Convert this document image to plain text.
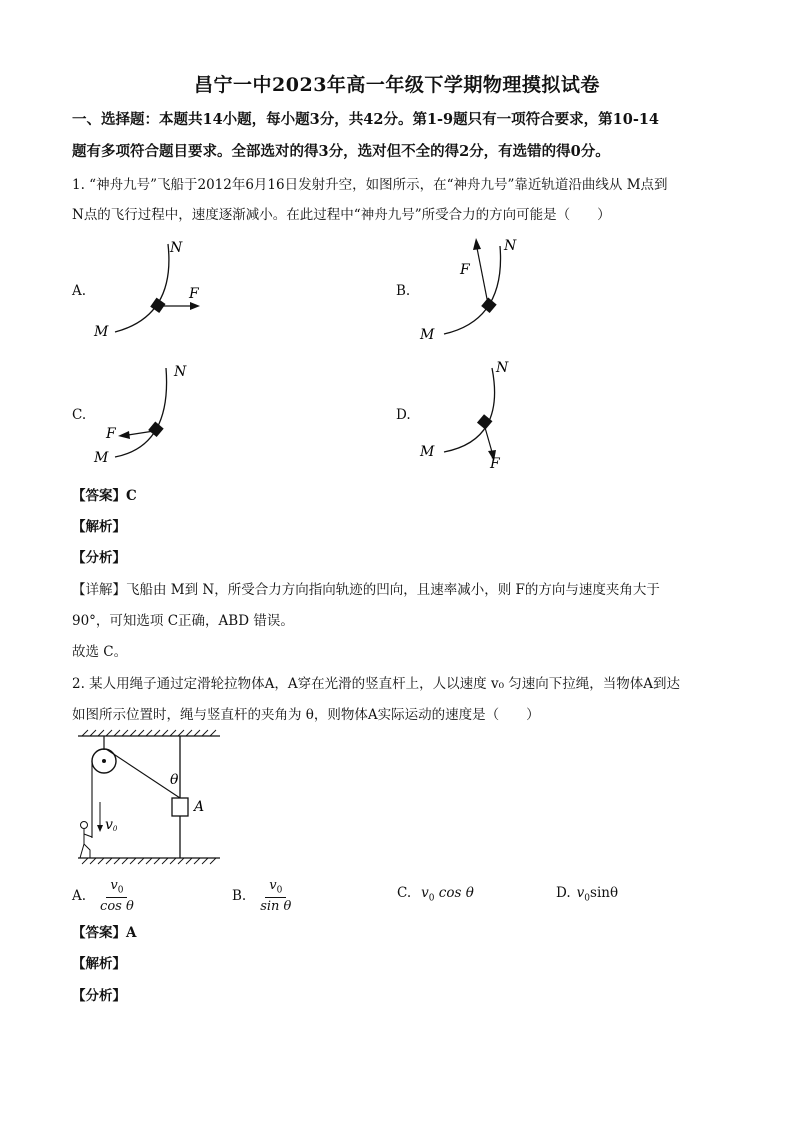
昌宁一中2023年高一年级下学期物理摸拟试卷
一、选择题：本题共14小题，每小题3分，共42分。第1-9题只有一项符合要求，第10-14
题有多项符合题目要求。全部选对的得3分，选对但不全的得2分，有选错的得0分。
1. “神舟九号”飞船于2012年6月16日发射升空，如图所示，在“神舟九号”靠近轨道沿曲线从 M点到
N点的飞行过程中，速度逐渐减小。在此过程中“神舟九号”所受合力的方向可能是（　　）
A.
N
M
F	B.
N
M
F
C.
N
M
F
D.
N
M
F
【答案】C
【解析】
【分析】
【详解】飞船由 M到 N，所受合力方向指向轨迹的凹向，且速率减小，则 F的方向与速度夹角大于
90°，可知选项 C正确，ABD 错误。
故选 C。
2. 某人用绳子通过定滑轮拉物体A，A穿在光滑的竖直杆上，人以速度 v₀ 匀速向下拉绳，当物体A到达
如图所示位置时，绳与竖直杆的夹角为 θ，则物体A实际运动的速度是（　　）
A
θ
v0
A. $\frac{v_0}{\text{cos θ}}$	B. $\frac{v_0}{\text{sin θ}}$	C. $v_0$ cos θ	D. $v_0\sin\theta$
【答案】A
【解析】
【分析】
